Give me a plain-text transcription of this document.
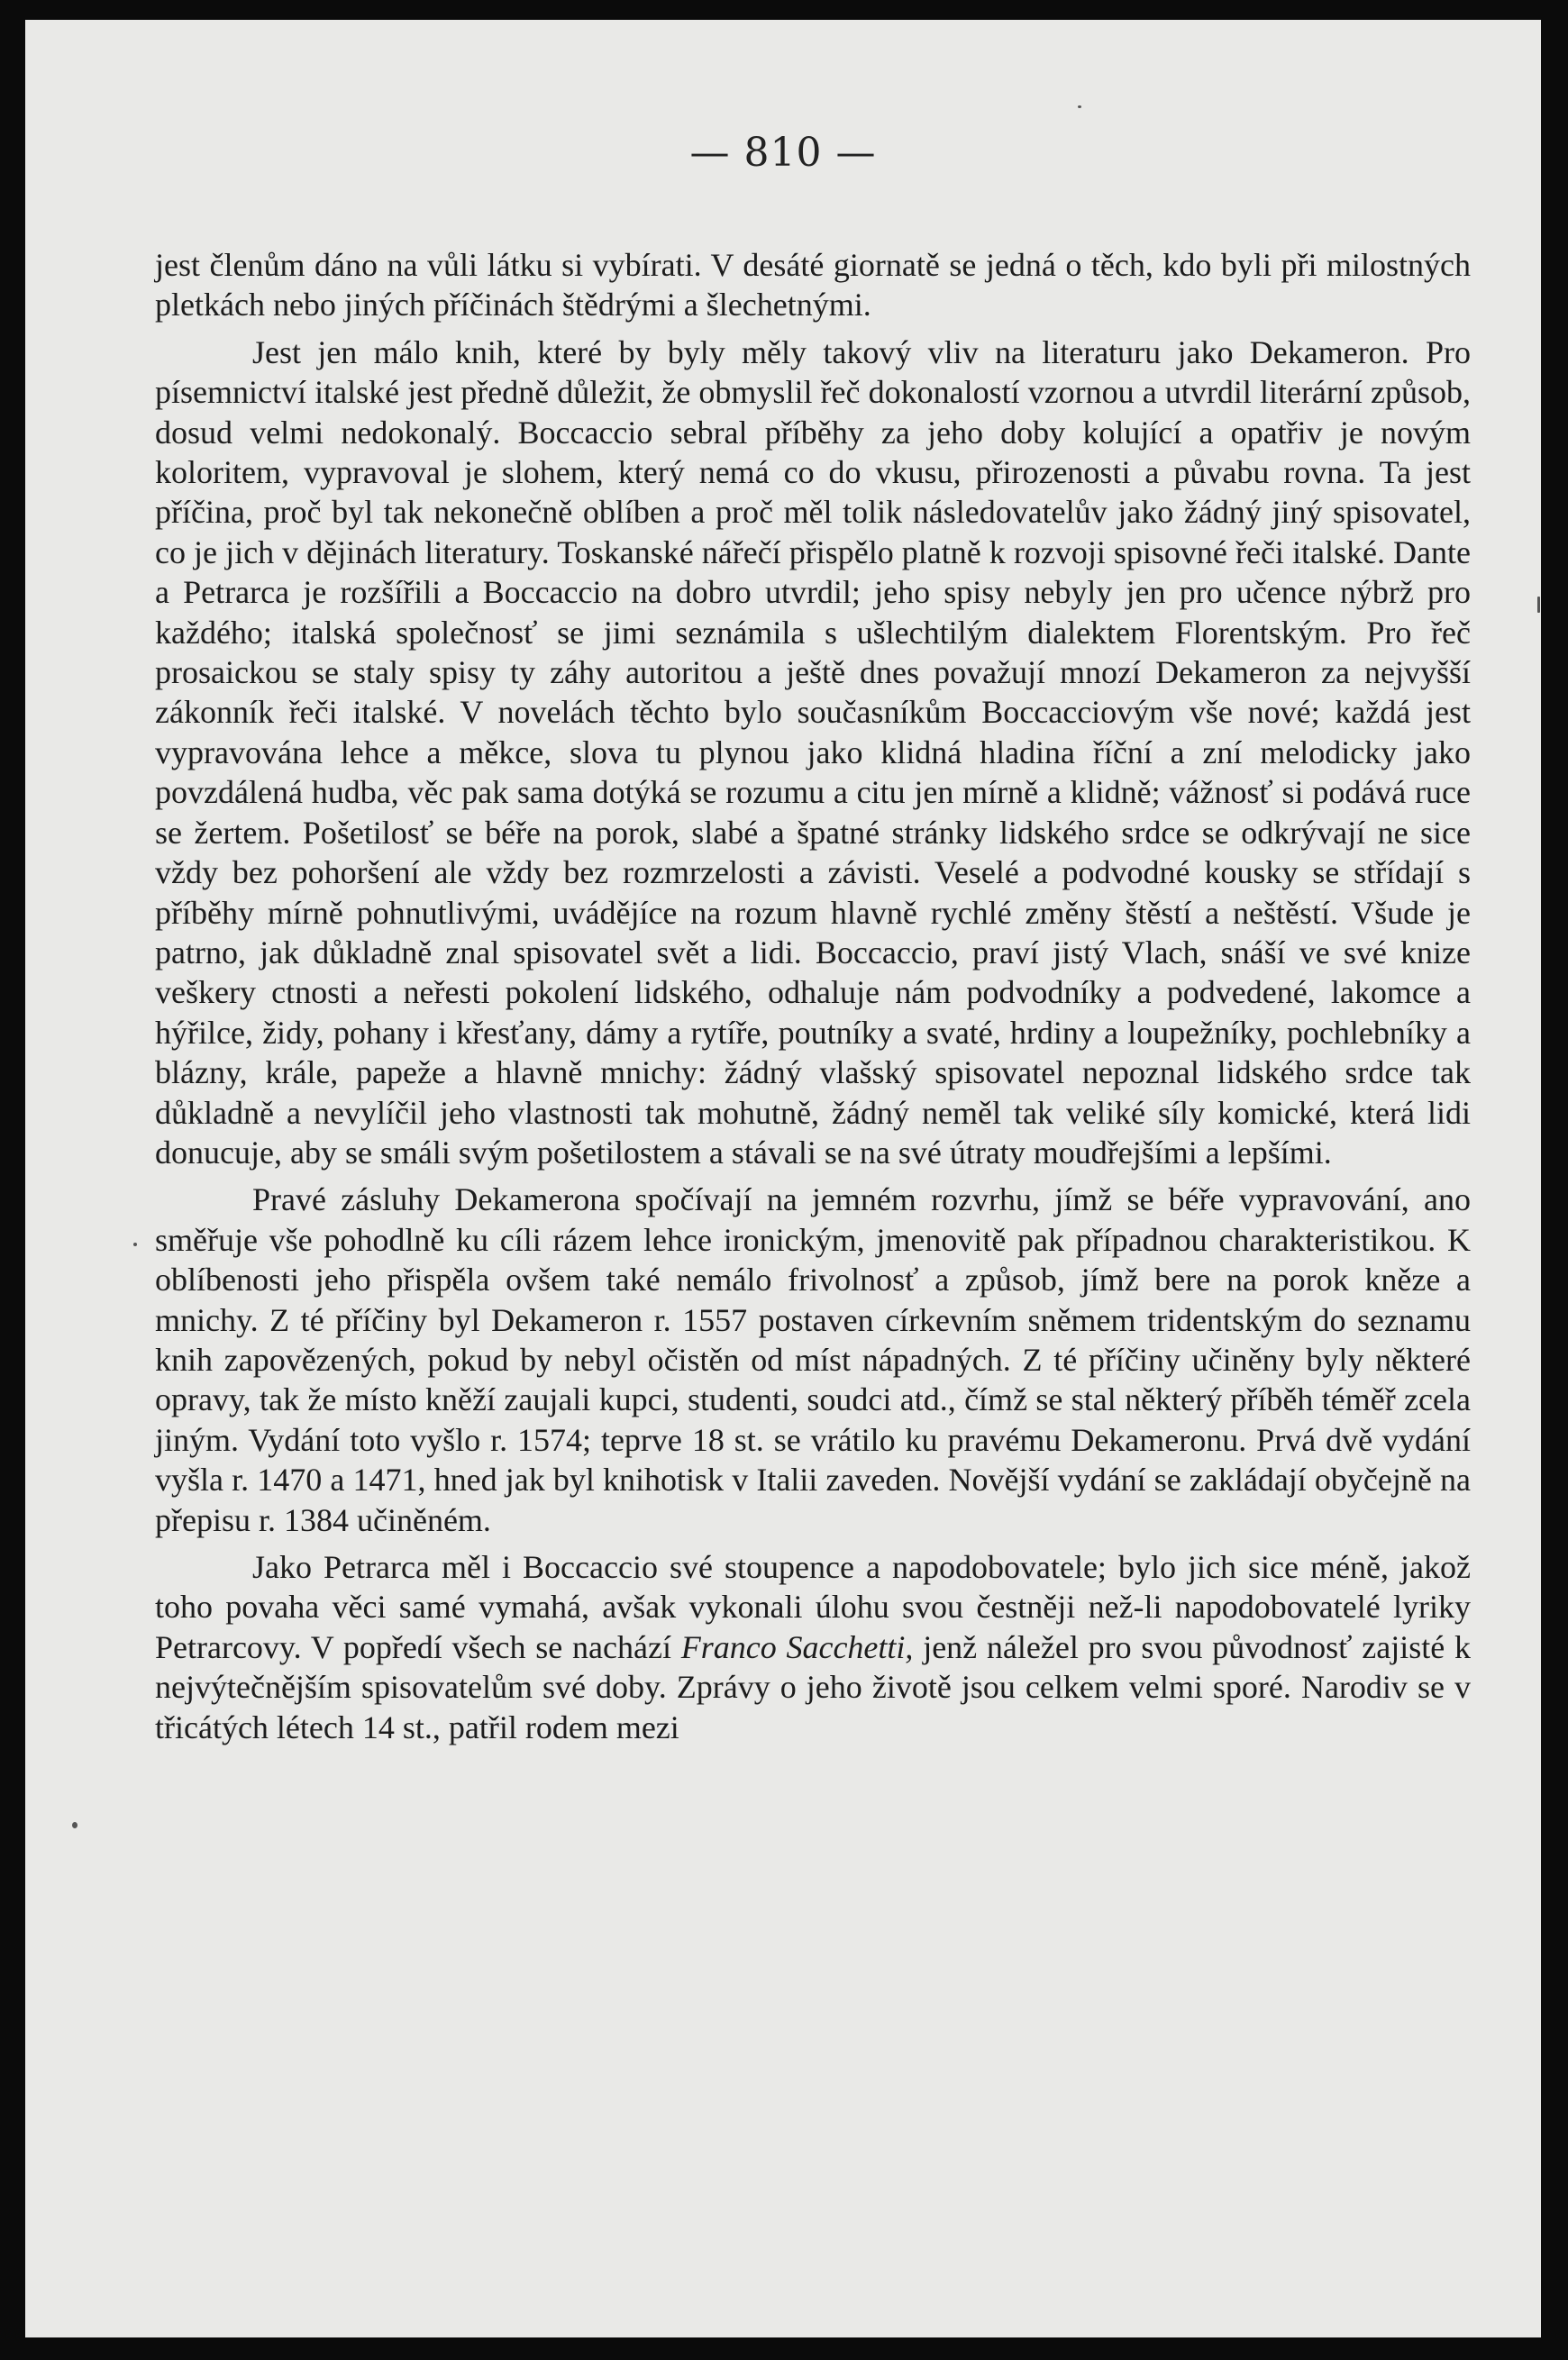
— 810 —

jest členům dáno na vůli látku si vybírati. V desáté giornatě se jedná o těch, kdo byli při milostných pletkách nebo jiných příčinách štědrými a šlechetnými.

Jest jen málo knih, které by byly měly takový vliv na literaturu jako Dekameron. Pro písemnictví italské jest předně důležit, že obmyslil řeč dokonalostí vzornou a utvrdil literární způsob, dosud velmi nedokonalý. Boccaccio sebral příběhy za jeho doby kolující a opatřiv je novým koloritem, vypravoval je slohem, který nemá co do vkusu, přirozenosti a půvabu rovna. Ta jest příčina, proč byl tak nekonečně oblíben a proč měl tolik následovatelův jako žádný jiný spisovatel, co je jich v dějinách literatury. Toskanské nářečí přispělo platně k rozvoji spisovné řeči italské. Dante a Petrarca je rozšířili a Boccaccio na dobro utvrdil; jeho spisy nebyly jen pro učence nýbrž pro každého; italská společnosť se jimi seznámila s ušlechtilým dialektem Florentským. Pro řeč prosaickou se staly spisy ty záhy autoritou a ještě dnes považují mnozí Dekameron za nejvyšší zákonník řeči italské. V novelách těchto bylo současníkům Boccacciovým vše nové; každá jest vypravována lehce a měkce, slova tu plynou jako klidná hladina říční a zní melodicky jako povzdálená hudba, věc pak sama dotýká se rozumu a citu jen mírně a klidně; vážnosť si podává ruce se žertem. Pošetilosť se béře na porok, slabé a špatné stránky lidského srdce se odkrývají ne sice vždy bez pohoršení ale vždy bez rozmrzelosti a závisti. Veselé a podvodné kousky se střídají s příběhy mírně pohnutlivými, uvádějíce na rozum hlavně rychlé změny štěstí a neštěstí. Všude je patrno, jak důkladně znal spisovatel svět a lidi. Boccaccio, praví jistý Vlach, snáší ve své knize veškery ctnosti a neřesti pokolení lidského, odhaluje nám podvodníky a podvedené, lakomce a hýřilce, židy, pohany i křesťany, dámy a rytíře, poutníky a svaté, hrdiny a loupežníky, pochlebníky a blázny, krále, papeže a hlavně mnichy: žádný vlašský spisovatel nepoznal lidského srdce tak důkladně a nevylíčil jeho vlastnosti tak mohutně, žádný neměl tak veliké síly komické, která lidi donucuje, aby se smáli svým pošetilostem a stávali se na své útraty moudřejšími a lepšími.

Pravé zásluhy Dekamerona spočívají na jemném rozvrhu, jímž se béře vypravování, ano směřuje vše pohodlně ku cíli rázem lehce ironickým, jmenovitě pak případnou charakteristikou. K oblíbenosti jeho přispěla ovšem také nemálo frivolnosť a způsob, jímž bere na porok kněze a mnichy. Z té příčiny byl Dekameron r. 1557 postaven církevním sněmem tridentským do seznamu knih zapovězených, pokud by nebyl očistěn od míst nápadných. Z té příčiny učiněny byly některé opravy, tak že místo kněží zaujali kupci, studenti, soudci atd., čímž se stal některý příběh téměř zcela jiným. Vydání toto vyšlo r. 1574; teprve 18 st. se vrátilo ku pravému Dekameronu. Prvá dvě vydání vyšla r. 1470 a 1471, hned jak byl knihotisk v Italii zaveden. Novější vydání se zakládají obyčejně na přepisu r. 1384 učiněném.

Jako Petrarca měl i Boccaccio své stoupence a napodobovatele; bylo jich sice méně, jakož toho povaha věci samé vymahá, avšak vykonali úlohu svou čestněji než-li napodobovatelé lyriky Petrarcovy. V popředí všech se nachází Franco Sacchetti, jenž náležel pro svou původnosť zajisté k nejvýtečnějším spisovatelům své doby. Zprávy o jeho životě jsou celkem velmi sporé. Narodiv se v třicátých létech 14 st., patřil rodem mezi
